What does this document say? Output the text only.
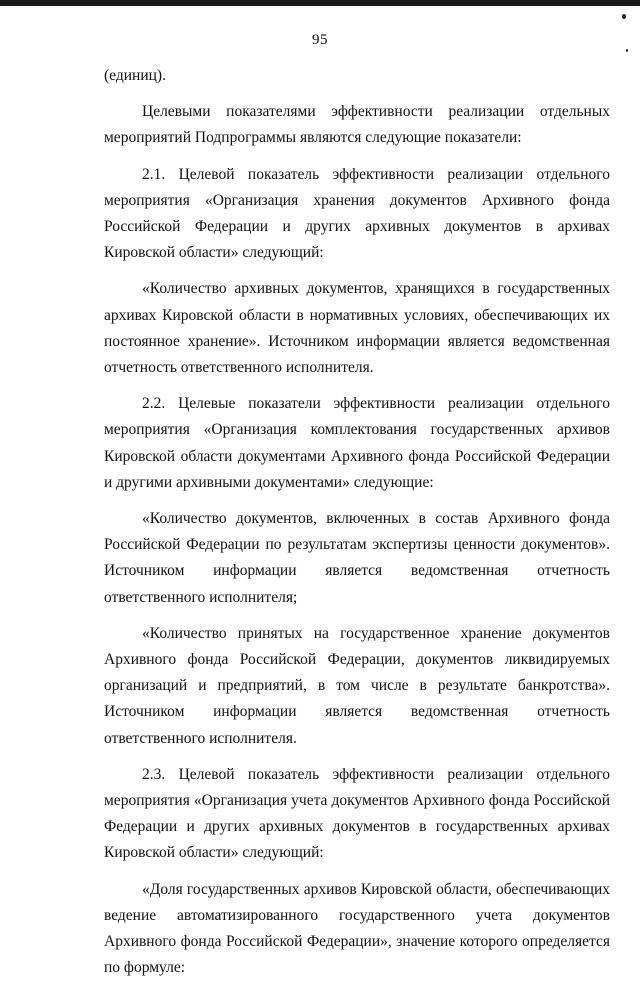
95

(единиц).

Целевыми показателями эффективности реализации отдельных мероприятий Подпрограммы являются следующие показатели:

2.1. Целевой показатель эффективности реализации отдельного мероприятия «Организация хранения документов Архивного фонда Российской Федерации и других архивных документов в архивах Кировской области» следующий:

«Количество архивных документов, хранящихся в государственных архивах Кировской области в нормативных условиях, обеспечивающих их постоянное хранение». Источником информации является ведомственная отчетность ответственного исполнителя.

2.2. Целевые показатели эффективности реализации отдельного мероприятия «Организация комплектования государственных архивов Кировской области документами Архивного фонда Российской Федерации и другими архивными документами» следующие:

«Количество документов, включенных в состав Архивного фонда Российской Федерации по результатам экспертизы ценности документов». Источником информации является ведомственная отчетность ответственного исполнителя;

«Количество принятых на государственное хранение документов Архивного фонда Российской Федерации, документов ликвидируемых организаций и предприятий, в том числе в результате банкротства». Источником информации является ведомственная отчетность ответственного исполнителя.

2.3. Целевой показатель эффективности реализации отдельного мероприятия «Организация учета документов Архивного фонда Российской Федерации и других архивных документов в государственных архивах Кировской области» следующий:

«Доля государственных архивов Кировской области, обеспечивающих ведение автоматизированного государственного учета документов Архивного фонда Российской Федерации», значение которого определяется по формуле:
